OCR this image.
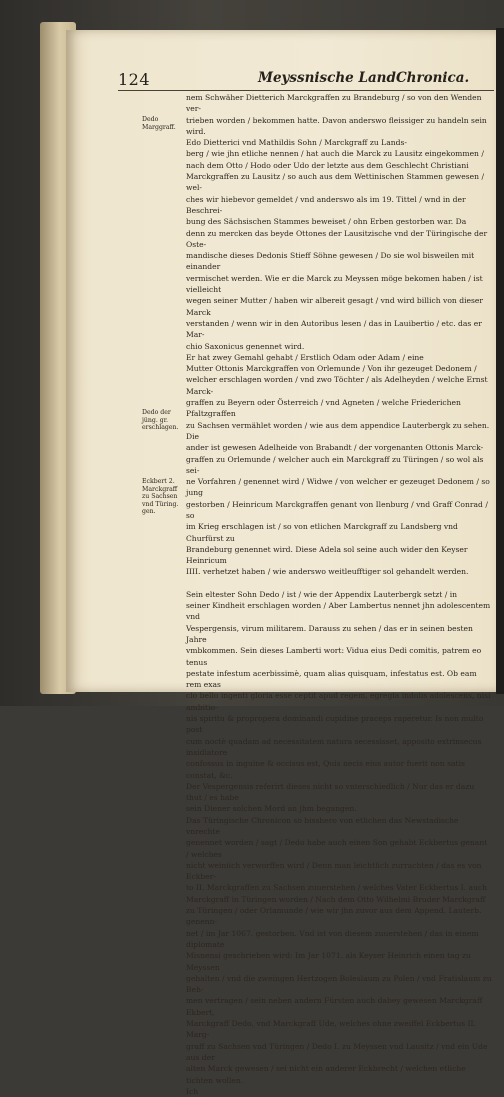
124	Meyssnische LandChronica.
Dedo Marggraff.
Dedo der jüng. gr. erschlagen.
Eckbert 2. Marckgraff zu Sachsen vnd Türing. gen.

nem Schwäher Dietterich Marckgraffen zu Brandeburg / so von den Wenden ver-

trieben worden / bekommen hatte. Davon anderswo fleissiger zu handeln sein wird.

Edo Dietterici vnd Mathildis Sohn / Marckgraff zu Lands-

berg / wie jhn etliche nennen / hat auch die Marck zu Lausitz eingekommen /

nach dem Otto / Hodo oder Udo der letzte aus dem Geschlecht Christiani

Marckgraffen zu Lausitz / so auch aus dem Wettinischen Stammen gewesen / wel-

ches wir hiebevor gemeldet / vnd anderswo als im 19. Tittel / wnd in der Beschrei-

bung des Sächsischen Stammes beweiset / ohn Erben gestorben war. Da

denn zu mercken das beyde Ottones der Lausitzische vnd der Türingische der Oste-

mandische dieses Dedonis Stieff Söhne gewesen / Do sie wol bisweilen mit einander

vermischet werden. Wie er die Marck zu Meyssen möge bekomen haben / ist vielleicht

wegen seiner Mutter / haben wir albereit gesagt / vnd wird billich von dieser Marck

verstanden / wenn wir in den Autoribus lesen / das in Lauibertio / etc. das er Mar-

chio Saxonicus genennet wird.

Er hat zwey Gemahl gehabt / Erstlich Odam oder Adam / eine

Mutter Ottonis Marckgraffen von Orlemunde / Von ihr gezeuget Dedonem /

welcher erschlagen worden / vnd zwo Töchter / als Adelheyden / welche Ernst Marck-

graffen zu Beyern oder Österreich / vnd Agneten / welche Friederichen Pfaltzgraffen

zu Sachsen vermählet worden / wie aus dem appendice Lauterbergk zu sehen. Die

ander ist gewesen Adelheide von Brabandt / der vorgenanten Ottonis Marck-

graffen zu Orlemunde / welcher auch ein Marckgraff zu Türingen / so wol als sei-

ne Vorfahren / genennet wird / Widwe / von welcher er gezeuget Dedonem / so jung

gestorben / Heinricum Marckgraffen genant von Ilenburg / vnd Graff Conrad / so

im Krieg erschlagen ist / so von etlichen Marckgraff zu Landsberg vnd Churfürst zu

Brandeburg genennet wird. Diese Adela sol seine auch wider den Keyser Heinricum

IIII. verhetzet haben / wie anderswo weitleufftiger sol gehandelt werden.

Sein eltester Sohn Dedo / ist / wie der Appendix Lauterbergk setzt / in

seiner Kindheit erschlagen worden / Aber Lambertus nennet jhn adolescentem vnd

Vespergensis, virum militarem. Darauss zu sehen / das er in seinen besten Jahre

vmbkommen. Sein dieses Lamberti wort: Vidua eius Dedi comitis, patrem eo tenus

pestate infestum acerbissimè, quam alias quisquam, infestatus est. Ob eam rem exas

clo bello ingenti gloria esse ceptit apud regem, egregia indolis adolescens, nisi ambitio-

nis spiritu & propropera dominandi cupidine praceps raperetur. Is non multo post

cum noctè quadam ad necessitatem natura secessisset, apposito extrinsecus insidiatore

confossus in inguine & occisus est, Quis necis eius autor fuerit non satis constat, &c.

Der Vespergensis referirt dieses nicht so vnterschiedlich / Nur das er dazu thut / es habe

sein Diener solchen Mord an jhm begangen.

Das Türingische Chronicon so bisshero von etlichen das Newstadische vnrechte

genennet worden / sagt / Dedo habe auch einen Son gehabt Eckbertus genant / welches

nicht weiniich verworffen wird / Denn man leichtlich zurrachten / das es von Eckber-

to II. Marckgraffen zu Sachsen zuuerstehen / welches Vater Eckbertus I. auch

Marckgraff in Türingen worden / Nach dem Otto Wilhelmi Bruder Marckgraff

zu Türingen / oder Orlamunde / wie wir jhn zuvor aus dem Append. Lauterb. genenn-

net / im Jar 1067. gestorben. Vnd ist von diesem zuuerstehen / das in einem diplomate

Misnensi geschrieben wird: Im Jar 1071. als Keyser Heinrich einen tag zu Meyssen

gehalten / vnd die zweingen Hertzogen Boleslaum zu Polen / vnd Fratislaum zu Beh-

men vertragen / sein neben andern Fürsten auch dabey gewesen Marckgraff Ekbert,

Marckgraff Dedo, vnd Marckgraff Ude, welches ohne zweiffel Eckbertus II. Marg-

graff zu Sachsen vnd Türingen / Dedo I. zu Meyssen vnd Lausitz / vnd ein Ude aus der

alten Marck gewesen / sei nicht ein anderer Eckbrecht / welchen etliche tichten wollen.

Ich
